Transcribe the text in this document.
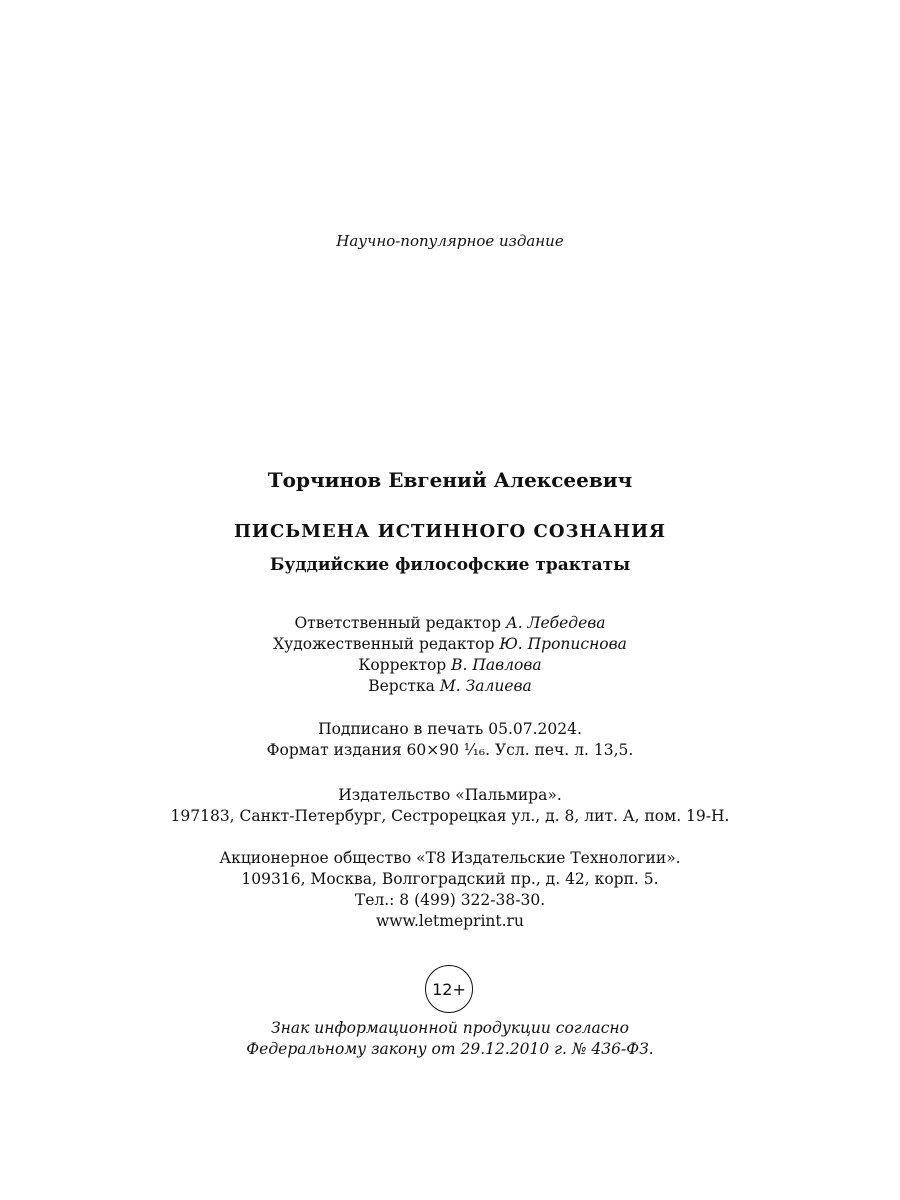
Научно-популярное издание
Торчинов Евгений Алексеевич
ПИСЬМЕНА ИСТИННОГО СОЗНАНИЯ
Буддийские философские трактаты
Ответственный редактор А. Лебедева
Художественный редактор Ю. Прописнова
Корректор В. Павлова
Верстка М. Залиева
Подписано в печать 05.07.2024.
Формат издания 60×90 ¹⁄₁₆. Усл. печ. л. 13,5.
Издательство «Пальмира».
197183, Санкт-Петербург, Сестрорецкая ул., д. 8, лит. А, пом. 19-Н.
Акционерное общество «Т8 Издательские Технологии».
109316, Москва, Волгоградский пр., д. 42, корп. 5.
Тел.: 8 (499) 322-38-30.
www.letmeprint.ru
12+
Знак информационной продукции согласно
Федеральному закону от 29.12.2010 г. № 436-ФЗ.
